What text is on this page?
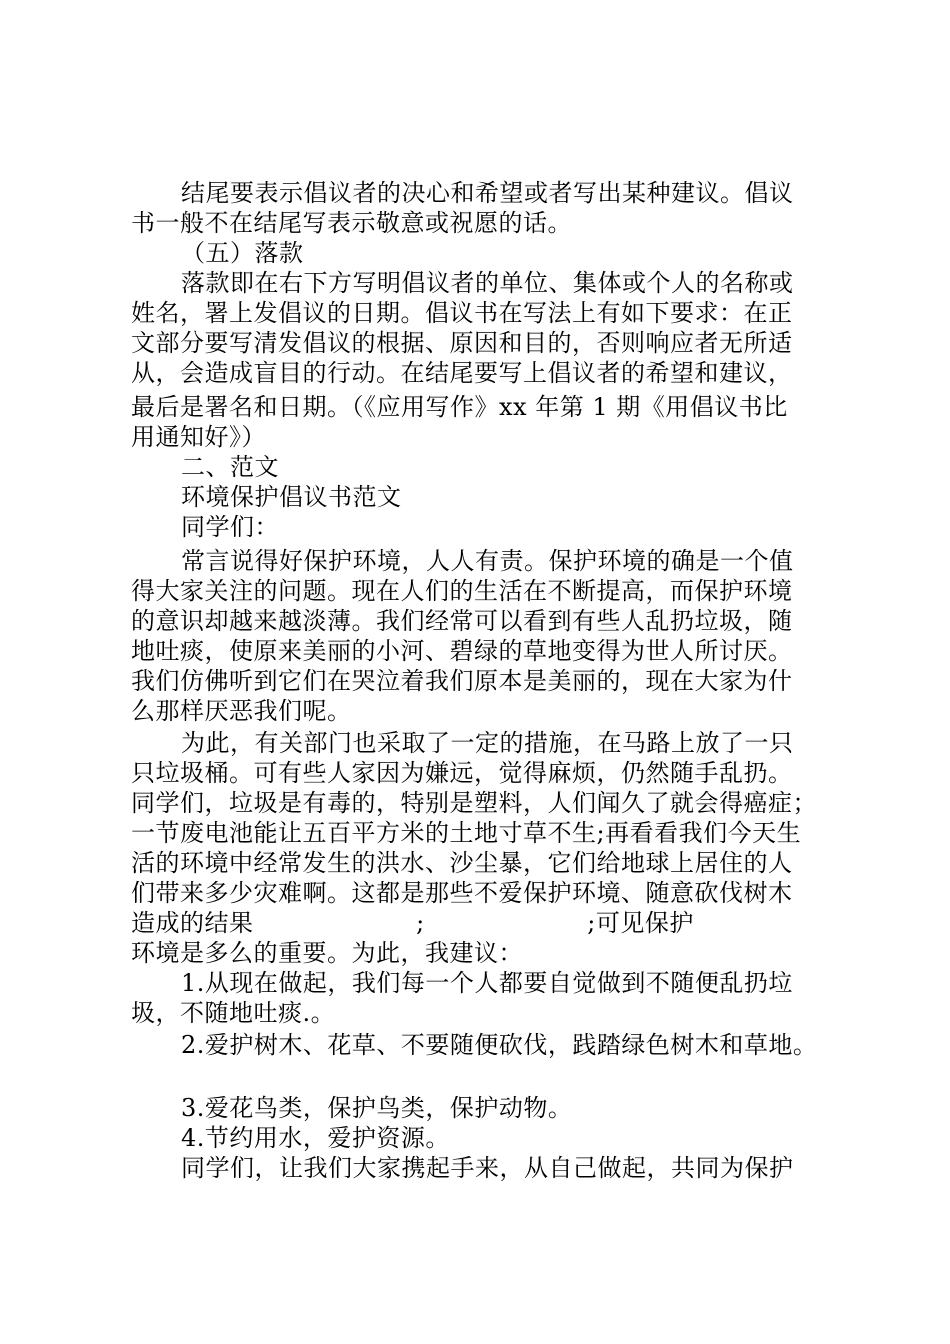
结尾要表示倡议者的决心和希望或者写出某种建议。倡议
书一般不在结尾写表示敬意或祝愿的话。
（五）落款
落款即在右下方写明倡议者的单位、集体或个人的名称或
姓名，署上发倡议的日期。倡议书在写法上有如下要求：在正
文部分要写清发倡议的根据、原因和目的，否则响应者无所适
从，会造成盲目的行动。在结尾要写上倡议者的希望和建议，
最后是署名和日期。（《应用写作》xx 年第 1 期《用倡议书比
用通知好》）
二、范文
环境保护倡议书范文
同学们：
常言说得好保护环境，人人有责。保护环境的确是一个值
得大家关注的问题。现在人们的生活在不断提高，而保护环境
的意识却越来越淡薄。我们经常可以看到有些人乱扔垃圾，随
地吐痰，使原来美丽的小河、碧绿的草地变得为世人所讨厌。
我们仿佛听到它们在哭泣着我们原本是美丽的，现在大家为什
么那样厌恶我们呢。
为此，有关部门也采取了一定的措施，在马路上放了一只
只垃圾桶。可有些人家因为嫌远，觉得麻烦，仍然随手乱扔。
同学们，垃圾是有毒的，特别是塑料，人们闻久了就会得癌症；
一节废电池能让五百平方米的土地寸草不生;再看看我们今天生
活的环境中经常发生的洪水、沙尘暴，它们给地球上居住的人
们带来多少灾难啊。这都是那些不爱保护环境、随意砍伐树木
造成的结果                    ;                    ;可见保护
环境是多么的重要。为此，我建议：
1.从现在做起，我们每一个人都要自觉做到不随便乱扔垃
圾，不随地吐痰.。
2.爱护树木、花草、不要随便砍伐，践踏绿色树木和草地。
3.爱花鸟类，保护鸟类，保护动物。
4.节约用水，爱护资源。
同学们，让我们大家携起手来，从自己做起，共同为保护
